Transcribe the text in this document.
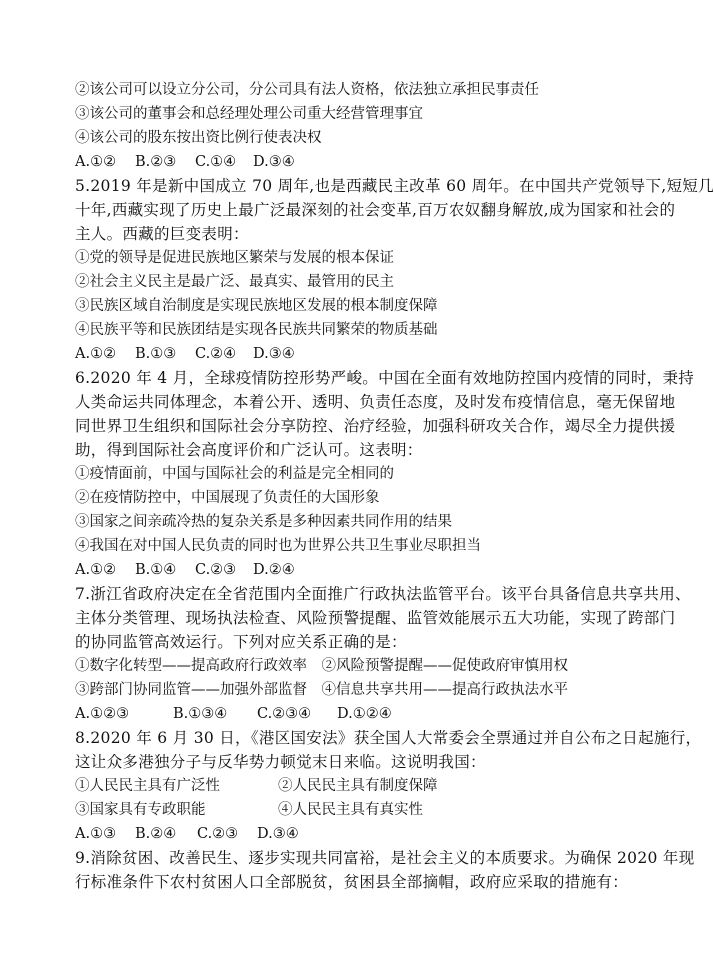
②该公司可以设立分公司，分公司具有法人资格，依法独立承担民事责任
③该公司的董事会和总经理处理公司重大经营管理事宜
④该公司的股东按出资比例行使表决权
A.①② B.②③ C.①④ D.③④
5.2019 年是新中国成立 70 周年,也是西藏民主改革 60 周年。在中国共产党领导下,短短几
十年,西藏实现了历史上最广泛最深刻的社会变革,百万农奴翻身解放,成为国家和社会的
主人。西藏的巨变表明：
①党的领导是促进民族地区繁荣与发展的根本保证
②社会主义民主是最广泛、最真实、最管用的民主
③民族区域自治制度是实现民族地区发展的根本制度保障
④民族平等和民族团结是实现各民族共同繁荣的物质基础
A.①② B.①③ C.②④ D.③④
6.2020 年 4 月，全球疫情防控形势严峻。中国在全面有效地防控国内疫情的同时，秉持
人类命运共同体理念，本着公开、透明、负责任态度，及时发布疫情信息，毫无保留地
同世界卫生组织和国际社会分享防控、治疗经验，加强科研攻关合作，竭尽全力提供援
助，得到国际社会高度评价和广泛认可。这表明：
①疫情面前，中国与国际社会的利益是完全相同的
②在疫情防控中，中国展现了负责任的大国形象
③国家之间亲疏冷热的复杂关系是多种因素共同作用的结果
④我国在对中国人民负责的同时也为世界公共卫生事业尽职担当
A.①② B.①④ C.②③ D.②④
7.浙江省政府决定在全省范围内全面推广行政执法监管平台。该平台具备信息共享共用、
主体分类管理、现场执法检查、风险预警提醒、监管效能展示五大功能，实现了跨部门
的协同监管高效运行。下列对应关系正确的是：
①数字化转型——提高政府行政效率　②风险预警提醒——促使政府审慎用权
③跨部门协同监管——加强外部监督　④信息共享共用——提高行政执法水平
A.①②③	B.①③④ C.②③④ D.①②④
8.2020 年 6 月 30 日，《港区国安法》获全国人大常委会全票通过并自公布之日起施行，
这让众多港独分子与反华势力顿觉末日来临。这说明我国：
①人民民主具有广泛性　　　　②人民民主具有制度保障
③国家具有专政职能　　　　　④人民民主具有真实性
A.①③ B.②④ C.②③ D.③④
9.消除贫困、改善民生、逐步实现共同富裕，是社会主义的本质要求。为确保 2020 年现
行标准条件下农村贫困人口全部脱贫，贫困县全部摘帽，政府应采取的措施有：
